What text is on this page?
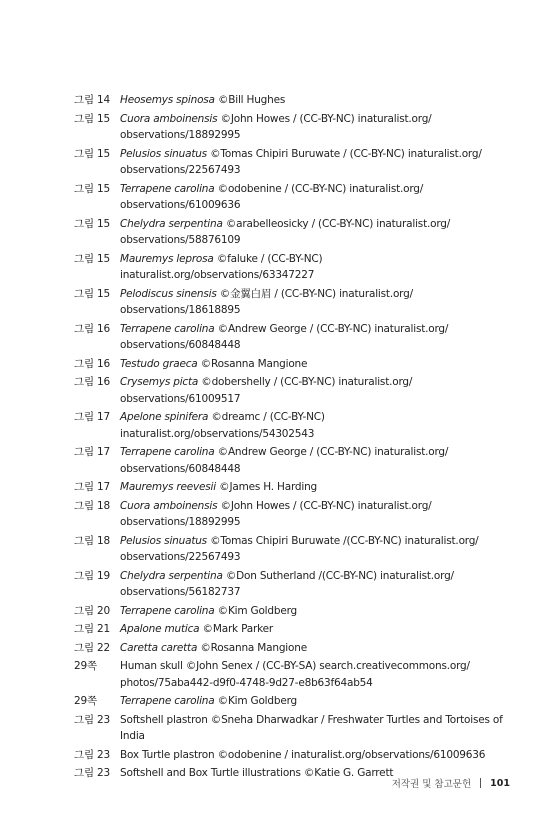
그림 14 Heosemys spinosa ©Bill Hughes
그림 15 Cuora amboinensis ©John Howes / (CC-BY-NC) inaturalist.org/
observations/18892995
그림 15 Pelusios sinuatus ©Tomas Chipiri Buruwate / (CC-BY-NC) inaturalist.org/
observations/22567493
그림 15 Terrapene carolina ©odobenine / (CC-BY-NC) inaturalist.org/
observations/61009636
그림 15 Chelydra serpentina ©arabelleosicky / (CC-BY-NC) inaturalist.org/
observations/58876109
그림 15 Mauremys leprosa ©faluke / (CC-BY-NC) inaturalist.org/observations/63347227
그림 15 Pelodiscus sinensis ©金翼白眉 / (CC-BY-NC) inaturalist.org/
observations/18618895
그림 16 Terrapene carolina ©Andrew George / (CC-BY-NC) inaturalist.org/
observations/60848448
그림 16 Testudo graeca ©Rosanna Mangione
그림 16 Crysemys picta ©dobershelly / (CC-BY-NC) inaturalist.org/
observations/61009517
그림 17 Apelone spinifera ©dreamc / (CC-BY-NC) inaturalist.org/observations/54302543
그림 17 Terrapene carolina ©Andrew George / (CC-BY-NC) inaturalist.org/
observations/60848448
그림 17 Mauremys reevesii ©James H. Harding
그림 18 Cuora amboinensis ©John Howes / (CC-BY-NC) inaturalist.org/
observations/18892995
그림 18 Pelusios sinuatus ©Tomas Chipiri Buruwate /(CC-BY-NC) inaturalist.org/
observations/22567493
그림 19 Chelydra serpentina ©Don Sutherland /(CC-BY-NC) inaturalist.org/
observations/56182737
그림 20 Terrapene carolina ©Kim Goldberg
그림 21 Apalone mutica ©Mark Parker
그림 22 Caretta caretta ©Rosanna Mangione
29쪽	Human skull ©John Senex / (CC-BY-SA) search.creativecommons.org/
photos/75aba442-d9f0-4748-9d27-e8b63f64ab54
29쪽	Terrapene carolina ©Kim Goldberg
그림 23 Softshell plastron ©Sneha Dharwadkar / Freshwater Turtles and Tortoises of India
그림 23 Box Turtle plastron ©odobenine / inaturalist.org/observations/61009636
그림 23 Softshell and Box Turtle illustrations ©Katie G. Garrett
저작권 및 참고문헌 101
